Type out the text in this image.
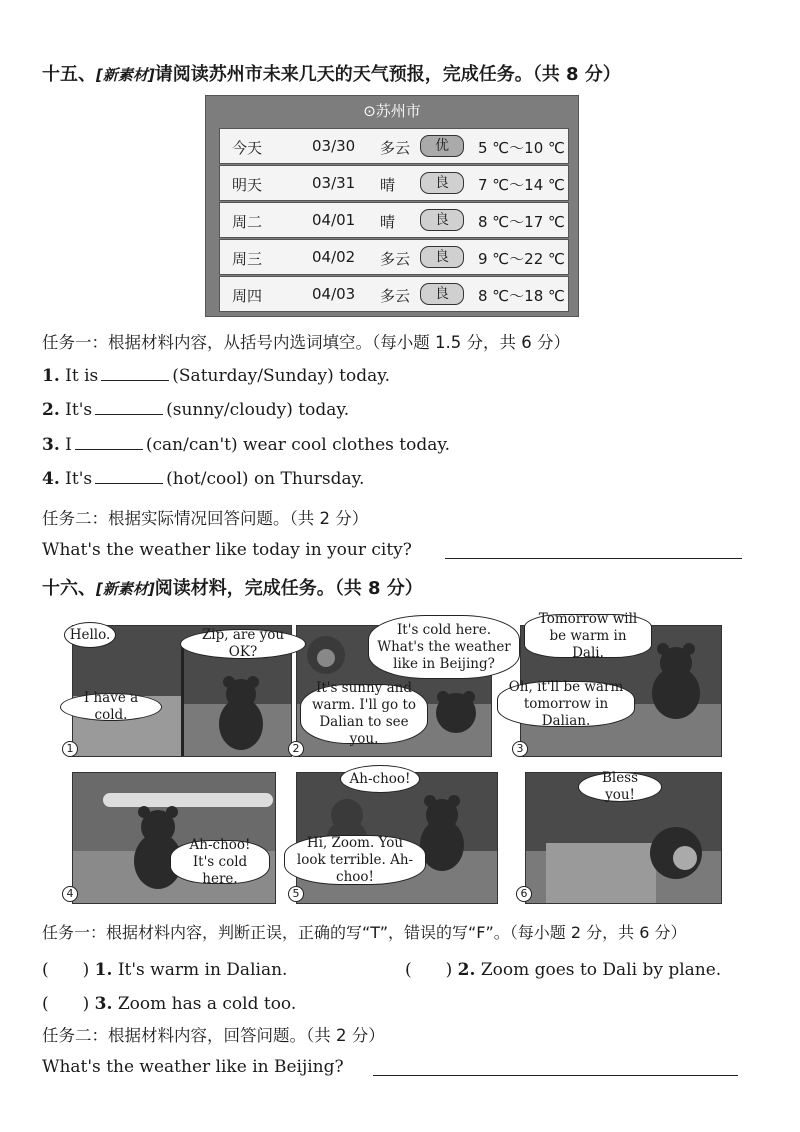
十五、[新素材]请阅读苏州市未来几天的天气预报，完成任务。（共 8 分）
⊙苏州市
今天	03/30 多云	优	5 ℃～10 ℃
明天	03/31 晴	良	7 ℃～14 ℃
周二	04/01 晴	良	8 ℃～17 ℃
周三	04/02 多云	良	9 ℃～22 ℃
周四	04/03 多云	良	8 ℃～18 ℃
任务一：根据材料内容，从括号内选词填空。（每小题 1.5 分，共 6 分）
1. It is	(Saturday/Sunday) today.
2. It's	(sunny/cloudy) today.
3. I	(can/can't) wear cool clothes today.
4. It's	(hot/cool) on Thursday.
任务二：根据实际情况回答问题。（共 2 分）
What's the weather like today in your city?
十六、[新素材]阅读材料，完成任务。（共 8 分）
Hello.	Zip, are you OK?
I have a cold.
It's cold here. What's the weather like in Beijing?
It's sunny and warm. I'll go to Dalian to see you.
Tomorrow will be warm in Dali.
Oh, it'll be warm tomorrow in Dalian.
Ah-choo! It's cold here.
Ah-choo!
Hi, Zoom. You look terrible. Ah-choo!
Bless you!
1	2	3
4	5	6
任务一：根据材料内容，判断正误，正确的写“T”，错误的写“F”。（每小题 2 分，共 6 分）
(　　) 1. It's warm in Dalian.	(　　) 2. Zoom goes to Dali by plane.
(　　) 3. Zoom has a cold too.
任务二：根据材料内容，回答问题。（共 2 分）
What's the weather like in Beijing?
